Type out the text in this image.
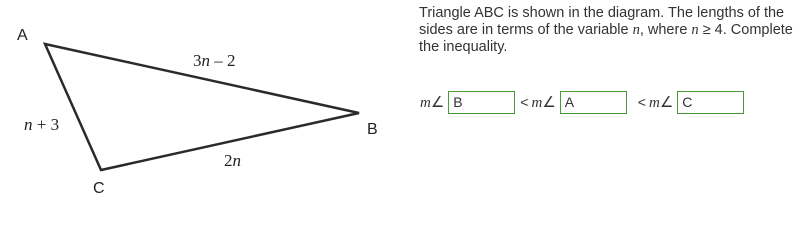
A
B
C
3n – 2
n + 3
2n
Triangle ABC is shown in the diagram. The lengths of the sides are in terms of the variable n, where n ≥ 4. Complete the inequality.
m∠ B	< m∠ A	< m∠ C
